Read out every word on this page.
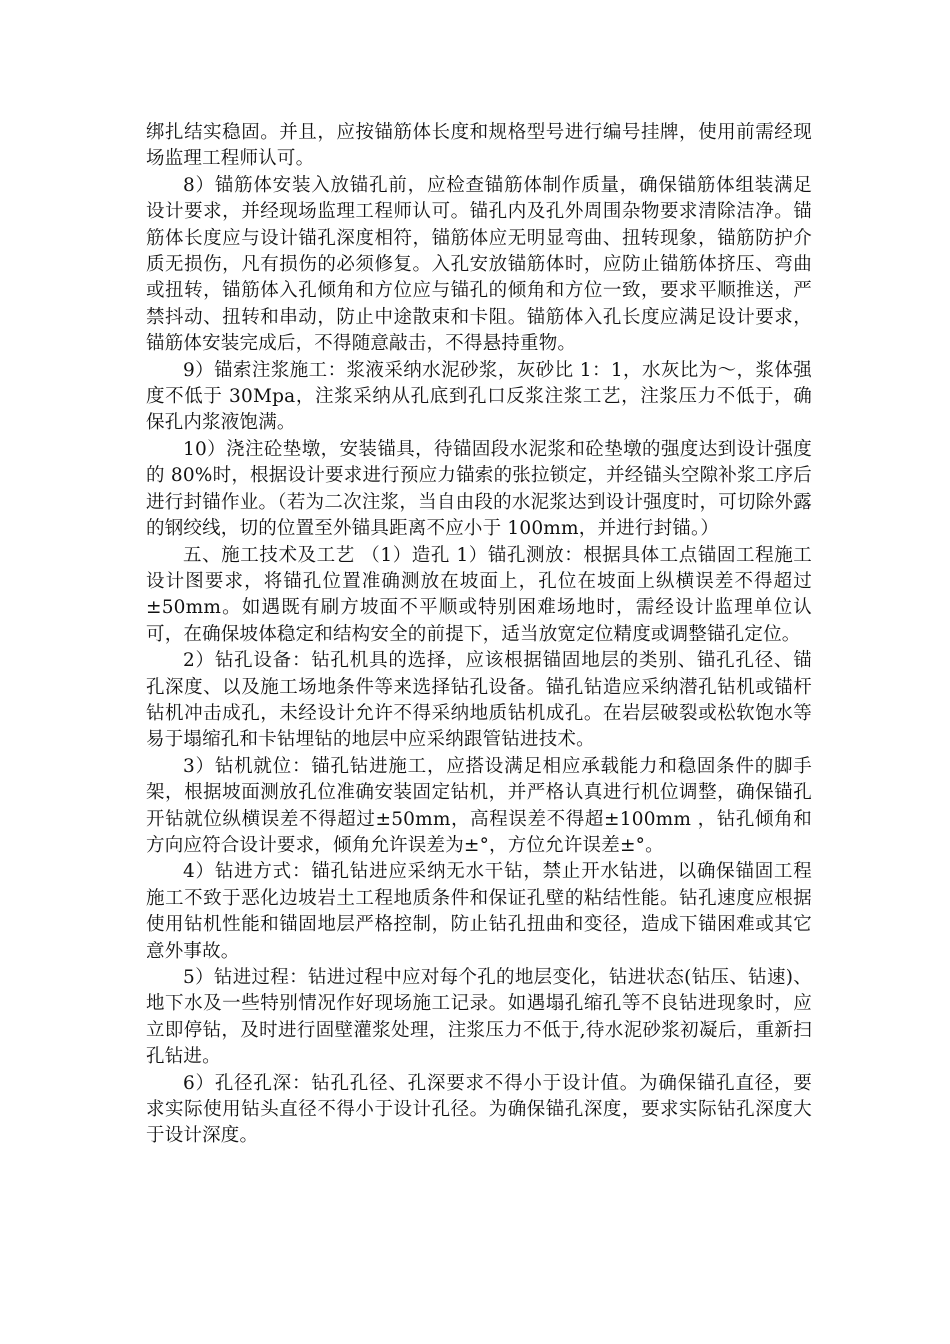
绑扎结实稳固。并且，应按锚筋体长度和规格型号进行编号挂牌，使用前需经现场监理工程师认可。

8）锚筋体安装入放锚孔前，应检查锚筋体制作质量，确保锚筋体组装满足设计要求，并经现场监理工程师认可。锚孔内及孔外周围杂物要求清除洁净。锚筋体长度应与设计锚孔深度相符，锚筋体应无明显弯曲、扭转现象，锚筋防护介质无损伤，凡有损伤的必须修复。入孔安放锚筋体时，应防止锚筋体挤压、弯曲或扭转，锚筋体入孔倾角和方位应与锚孔的倾角和方位一致，要求平顺推送，严禁抖动、扭转和串动，防止中途散束和卡阻。锚筋体入孔长度应满足设计要求，锚筋体安装完成后，不得随意敲击，不得悬持重物。

9）锚索注浆施工：浆液采纳水泥砂浆，灰砂比 1：1，水灰比为～，浆体强度不低于 30Mpa，注浆采纳从孔底到孔口反浆注浆工艺，注浆压力不低于，确保孔内浆液饱满。

10）浇注砼垫墩，安装锚具，待锚固段水泥浆和砼垫墩的强度达到设计强度的 80%时，根据设计要求进行预应力锚索的张拉锁定，并经锚头空隙补浆工序后进行封锚作业。（若为二次注浆，当自由段的水泥浆达到设计强度时，可切除外露的钢绞线，切的位置至外锚具距离不应小于 100mm，并进行封锚。）

五、施工技术及工艺 （1）造孔 1）锚孔测放：根据具体工点锚固工程施工设计图要求，将锚孔位置准确测放在坡面上，孔位在坡面上纵横误差不得超过±50mm。如遇既有刷方坡面不平顺或特别困难场地时，需经设计监理单位认可，在确保坡体稳定和结构安全的前提下，适当放宽定位精度或调整锚孔定位。

2）钻孔设备：钻孔机具的选择，应该根据锚固地层的类别、锚孔孔径、锚孔深度、以及施工场地条件等来选择钻孔设备。锚孔钻造应采纳潜孔钻机或锚杆钻机冲击成孔，未经设计允许不得采纳地质钻机成孔。在岩层破裂或松软饱水等易于塌缩孔和卡钻埋钻的地层中应采纳跟管钻进技术。

3）钻机就位：锚孔钻进施工，应搭设满足相应承载能力和稳固条件的脚手架，根据坡面测放孔位准确安装固定钻机，并严格认真进行机位调整，确保锚孔开钻就位纵横误差不得超过±50mm，高程误差不得超±100mm ，钻孔倾角和方向应符合设计要求，倾角允许误差为±°，方位允许误差±°。

4）钻进方式：锚孔钻进应采纳无水干钻，禁止开水钻进，以确保锚固工程施工不致于恶化边坡岩土工程地质条件和保证孔壁的粘结性能。钻孔速度应根据使用钻机性能和锚固地层严格控制，防止钻孔扭曲和变径，造成下锚困难或其它意外事故。

5）钻进过程：钻进过程中应对每个孔的地层变化，钻进状态(钻压、钻速)、地下水及一些特别情况作好现场施工记录。如遇塌孔缩孔等不良钻进现象时，应立即停钻，及时进行固壁灌浆处理，注浆压力不低于,待水泥砂浆初凝后，重新扫孔钻进。

6）孔径孔深：钻孔孔径、孔深要求不得小于设计值。为确保锚孔直径，要求实际使用钻头直径不得小于设计孔径。为确保锚孔深度，要求实际钻孔深度大于设计深度。
